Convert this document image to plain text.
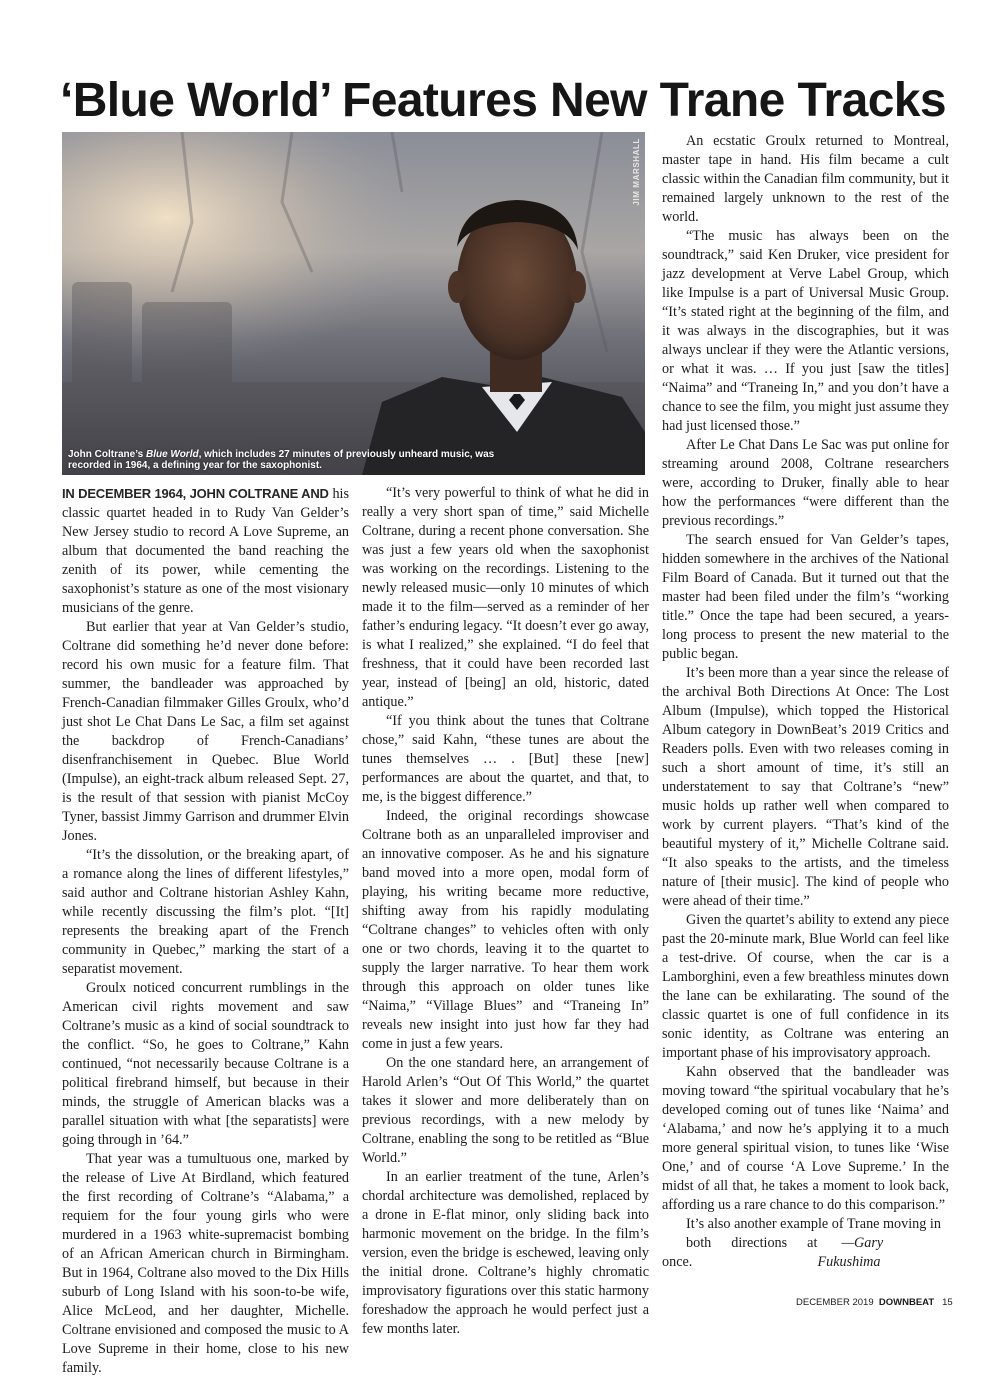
‘Blue World’ Features New Trane Tracks
JIM MARSHALL
John Coltrane’s Blue World, which includes 27 minutes of previously unheard music, was recorded in 1964, a defining year for the saxophonist.

IN DECEMBER 1964, JOHN COLTRANE AND his classic quartet headed in to Rudy Van Gelder’s New Jersey studio to record A Love Supreme, an album that documented the band reaching the zenith of its power, while cementing the saxophonist’s stature as one of the most visionary musicians of the genre.

But earlier that year at Van Gelder’s studio, Coltrane did something he’d never done before: record his own music for a feature film. That summer, the bandleader was approached by French-Canadian filmmaker Gilles Groulx, who’d just shot Le Chat Dans Le Sac, a film set against the backdrop of French-Canadians’ disenfranchisement in Quebec. Blue World (Impulse), an eight-track album released Sept. 27, is the result of that session with pianist McCoy Tyner, bassist Jimmy Garrison and drummer Elvin Jones.

“It’s the dissolution, or the breaking apart, of a romance along the lines of different lifestyles,” said author and Coltrane historian Ashley Kahn, while recently discussing the film’s plot. “[It] represents the breaking apart of the French community in Quebec,” marking the start of a separatist movement.

Groulx noticed concurrent rumblings in the American civil rights movement and saw Coltrane’s music as a kind of social soundtrack to the conflict. “So, he goes to Coltrane,” Kahn continued, “not necessarily because Coltrane is a political firebrand himself, but because in their minds, the struggle of American blacks was a parallel situation with what [the separatists] were going through in ’64.”

That year was a tumultuous one, marked by the release of Live At Birdland, which featured the first recording of Coltrane’s “Alabama,” a requiem for the four young girls who were murdered in a 1963 white-supremacist bombing of an African American church in Birmingham. But in 1964, Coltrane also moved to the Dix Hills suburb of Long Island with his soon-to-be wife, Alice McLeod, and her daughter, Michelle. Coltrane envisioned and composed the music to A Love Supreme in their home, close to his new family.

“It’s very powerful to think of what he did in really a very short span of time,” said Michelle Coltrane, during a recent phone conversation. She was just a few years old when the saxophonist was working on the recordings. Listening to the newly released music—only 10 minutes of which made it to the film—served as a reminder of her father’s enduring legacy. “It doesn’t ever go away, is what I realized,” she explained. “I do feel that freshness, that it could have been recorded last year, instead of [being] an old, historic, dated antique.”

“If you think about the tunes that Coltrane chose,” said Kahn, “these tunes are about the tunes themselves … . [But] these [new] performances are about the quartet, and that, to me, is the biggest difference.”

Indeed, the original recordings showcase Coltrane both as an unparalleled improviser and an innovative composer. As he and his signature band moved into a more open, modal form of playing, his writing became more reductive, shifting away from his rapidly modulating “Coltrane changes” to vehicles often with only one or two chords, leaving it to the quartet to supply the larger narrative. To hear them work through this approach on older tunes like “Naima,” “Village Blues” and “Traneing In” reveals new insight into just how far they had come in just a few years.

On the one standard here, an arrangement of Harold Arlen’s “Out Of This World,” the quartet takes it slower and more deliberately than on previous recordings, with a new melody by Coltrane, enabling the song to be retitled as “Blue World.”

In an earlier treatment of the tune, Arlen’s chordal architecture was demolished, replaced by a drone in E-flat minor, only sliding back into harmonic movement on the bridge. In the film’s version, even the bridge is eschewed, leaving only the initial drone. Coltrane’s highly chromatic improvisatory figurations over this static harmony foreshadow the approach he would perfect just a few months later.

An ecstatic Groulx returned to Montreal, master tape in hand. His film became a cult classic within the Canadian film community, but it remained largely unknown to the rest of the world.

“The music has always been on the soundtrack,” said Ken Druker, vice president for jazz development at Verve Label Group, which like Impulse is a part of Universal Music Group. “It’s stated right at the beginning of the film, and it was always in the discographies, but it was always unclear if they were the Atlantic versions, or what it was. … If you just [saw the titles] “Naima” and “Traneing In,” and you don’t have a chance to see the film, you might just assume they had just licensed those.”

After Le Chat Dans Le Sac was put online for streaming around 2008, Coltrane researchers were, according to Druker, finally able to hear how the performances “were different than the previous recordings.”

The search ensued for Van Gelder’s tapes, hidden somewhere in the archives of the National Film Board of Canada. But it turned out that the master had been filed under the film’s “working title.” Once the tape had been secured, a years-long process to present the new material to the public began.

It’s been more than a year since the release of the archival Both Directions At Once: The Lost Album (Impulse), which topped the Historical Album category in DownBeat’s 2019 Critics and Readers polls. Even with two releases coming in such a short amount of time, it’s still an understatement to say that Coltrane’s “new” music holds up rather well when compared to work by current players. “That’s kind of the beautiful mystery of it,” Michelle Coltrane said. “It also speaks to the artists, and the timeless nature of [their music]. The kind of people who were ahead of their time.”

Given the quartet’s ability to extend any piece past the 20-minute mark, Blue World can feel like a test-drive. Of course, when the car is a Lamborghini, even a few breathless minutes down the lane can be exhilarating. The sound of the classic quartet is one of full confidence in its sonic identity, as Coltrane was entering an important phase of his improvisatory approach.

Kahn observed that the bandleader was moving toward “the spiritual vocabulary that he’s developed coming out of tunes like ‘Naima’ and ‘Alabama,’ and now he’s applying it to a much more general spiritual vision, to tunes like ‘Wise One,’ and of course ‘A Love Supreme.’ In the midst of all that, he takes a moment to look back, affording us a rare chance to do this comparison.”

It’s also another example of Trane moving in

both directions at once.
—Gary Fukushima

DECEMBER 2019 DOWNBEAT 15
